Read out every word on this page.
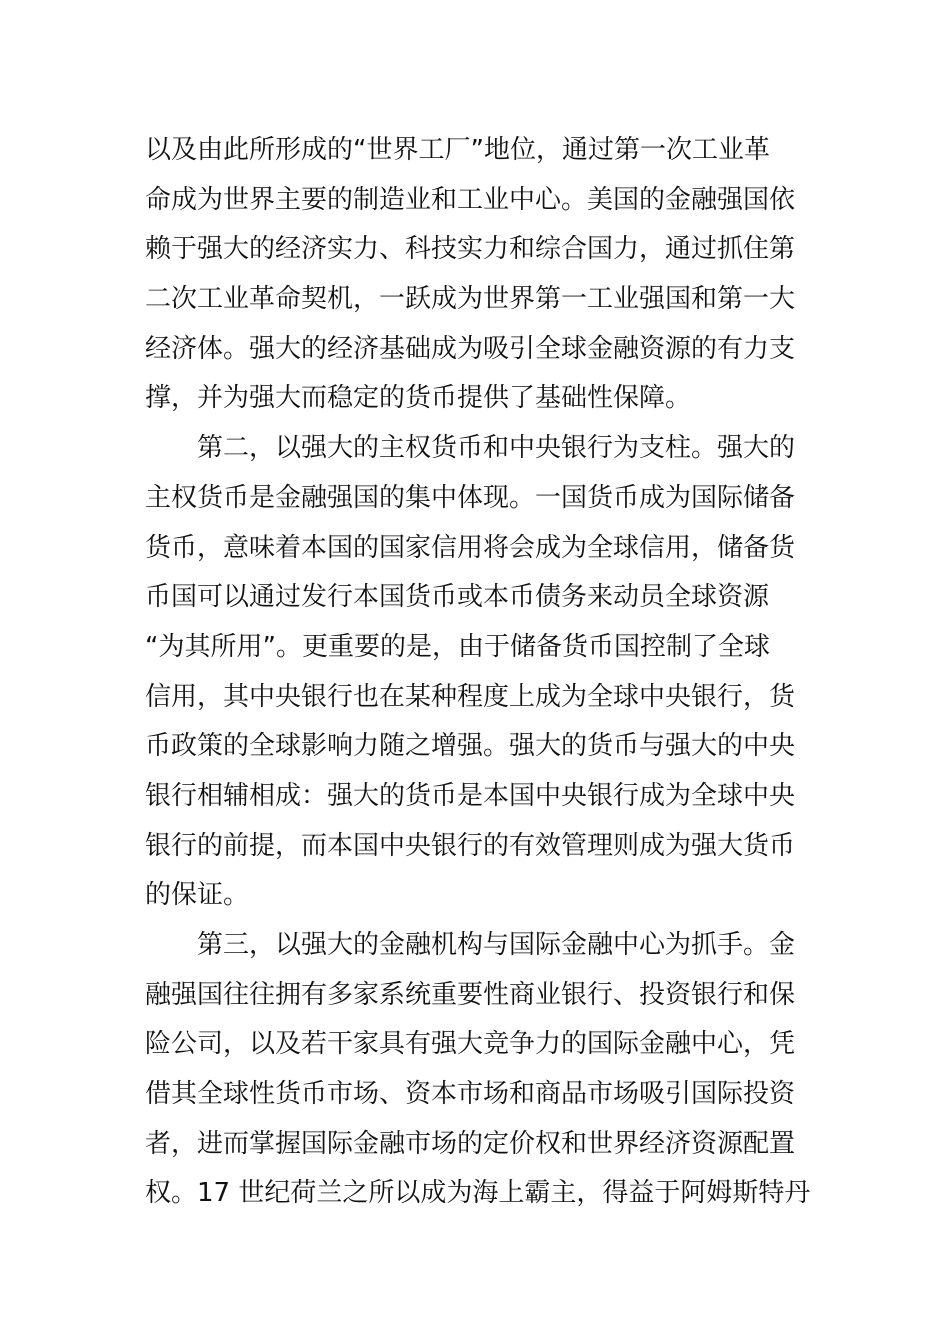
以及由此所形成的“世界工厂”地位，通过第一次工业革
命成为世界主要的制造业和工业中心。美国的金融强国依
赖于强大的经济实力、科技实力和综合国力，通过抓住第
二次工业革命契机，一跃成为世界第一工业强国和第一大
经济体。强大的经济基础成为吸引全球金融资源的有力支
撑，并为强大而稳定的货币提供了基础性保障。
第二，以强大的主权货币和中央银行为支柱。强大的
主权货币是金融强国的集中体现。一国货币成为国际储备
货币，意味着本国的国家信用将会成为全球信用，储备货
币国可以通过发行本国货币或本币债务来动员全球资源
“为其所用”。更重要的是，由于储备货币国控制了全球
信用，其中央银行也在某种程度上成为全球中央银行，货
币政策的全球影响力随之增强。强大的货币与强大的中央
银行相辅相成：强大的货币是本国中央银行成为全球中央
银行的前提，而本国中央银行的有效管理则成为强大货币
的保证。
第三，以强大的金融机构与国际金融中心为抓手。金
融强国往往拥有多家系统重要性商业银行、投资银行和保
险公司，以及若干家具有强大竞争力的国际金融中心，凭
借其全球性货币市场、资本市场和商品市场吸引国际投资
者，进而掌握国际金融市场的定价权和世界经济资源配置
权。17 世纪荷兰之所以成为海上霸主，得益于阿姆斯特丹
